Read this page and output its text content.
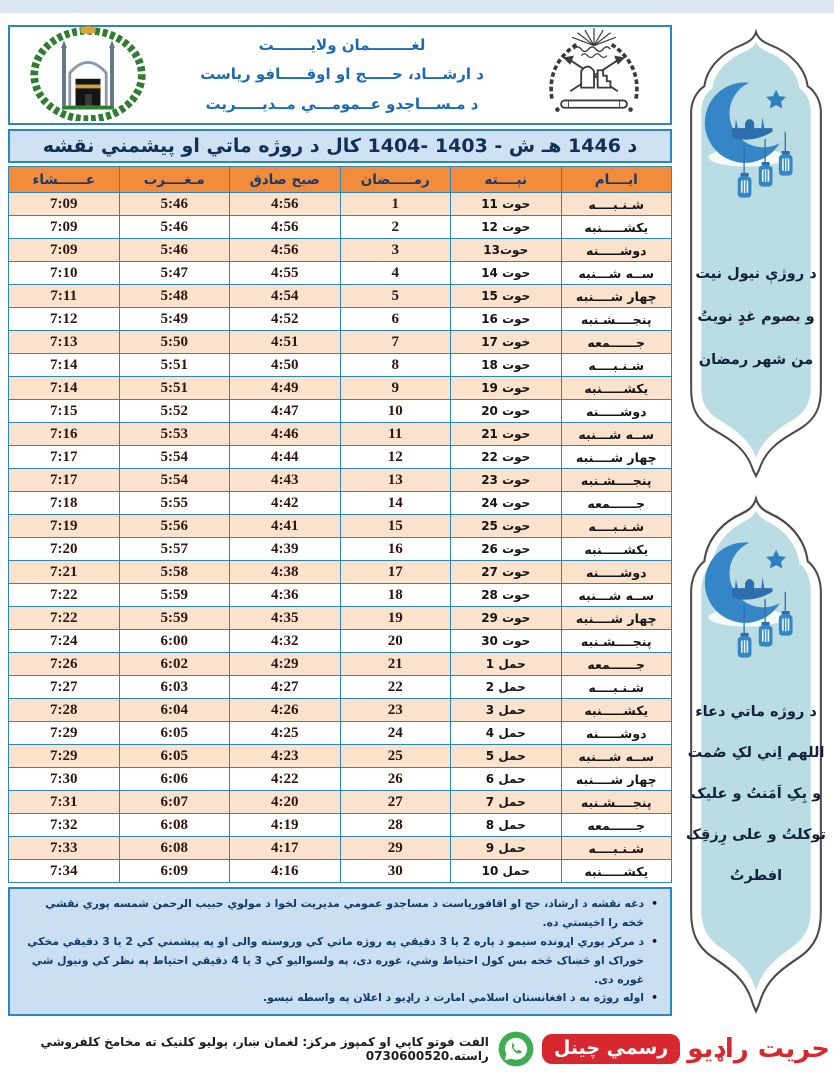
د روژې نیول نیت
و بصوم غدٍ نویتُ
من شهر رمضان
د روژه ماتي دعاء
اللهم اِني لکِ صُمت
و بِکِ اَمَنتُ و علیک
توکلتُ و علی رِزقِک
افطرتُ
لغــــــــمان ولایـــــــت
د ارشـــاد، حـــــج او اوقـــــافو ریاست
د مـســـاجدو عــمومـــي مــدیـــــریت
د 1446 هـ ش - 1403 -1404 کال د روژه ماتي او پیشمني نقشه
ایــــام	نېــــته	رمـــــضان	صبح صادق	مـغــــرب	عــــــشاء
شـنـبــــه	11 حوت	1	4:56	5:46	7:09
یکشـــــنبه	12 حوت	2	4:56	5:46	7:09
دوشـــــنه	13حوت	3	4:56	5:46	7:09
ســه شـــنبه	14 حوت	4	4:55	5:47	7:10
چهار شــــنبه	15 حوت	5	4:54	5:48	7:11
پنجــــشـنبه	16 حوت	6	4:52	5:49	7:12
جــــــمعه	17 خوت	7	4:51	5:50	7:13
شـنـبــــه	18 حوت	8	4:50	5:51	7:14
یکشـــــنبه	19 حوت	9	4:49	5:51	7:14
دوشـــــنه	20 حوت	10	4:47	5:52	7:15
ســه شـــنبه	21 حوت	11	4:46	5:53	7:16
چهار شــــنبه	22 حوت	12	4:44	5:54	7:17
پنجــــشـنبه	23 حوت	13	4:43	5:54	7:17
جــــــمعه	24 حوت	14	4:42	5:55	7:18
شـنـبــــه	25 حوت	15	4:41	5:56	7:19
یکشـــــنبه	26 حوت	16	4:39	5:57	7:20
دوشـــــنه	27 حوت	17	4:38	5:58	7:21
ســه شـــنبه	28 حوت	18	4:36	5:59	7:22
چهار شــــنبه	29 حوت	19	4:35	5:59	7:22
پنجــــشـنبه	30 حوت	20	4:32	6:00	7:24
جــــــمعه	1 حمل	21	4:29	6:02	7:26
شـنـبــــه	2 حمل	22	4:27	6:03	7:27
یکشـــــنبه	3 حمل	23	4:26	6:04	7:28
دوشـــــنه	4 حمل	24	4:25	6:05	7:29
ســه شـــنبه	5 حمل	25	4:23	6:05	7:29
چهار شــــنبه	6 حمل	26	4:22	6:06	7:30
پنجــــشـنبه	7 حمل	27	4:20	6:07	7:31
جــــــمعه	8 حمل	28	4:19	6:08	7:32
شـنـبــــه	9 حمل	29	4:17	6:08	7:33
یکشـــــنبه	10 حمل	30	4:16	6:09	7:34
• دغه نقشه د ارشاد، حج او اقافوریاست د مساجدو عمومي مدیریت لخوا د مولوي حبیب الرحمن شمسه پوري نقشي څخه را اخیستي ده.
• د مرکز پوري اړونده سیمو د پاره 2 یا 3 دقیقي په روژه ماتي کي وروسته والی او په پیشمني کي 2 یا 3 دقیقي مخکي خوراک او څښاک څخه بس کول احتیاط وشي، غوره دی، په ولسوالیو کي 3 یا 4 دقیقي احتیاط په نظر کي ونیول شي غوره دی.
• اوله روژه به د افغانستان اسلامي امارت د راډیو د اعلان په واسطه نیسو.
حریت راډیو
رسمي چینل
الفت فوتو کاپي او کمپوز مرکز: لغمان ښار، پولیو کلنیک ته مخامخ کلفروشي راسته.0730600520
